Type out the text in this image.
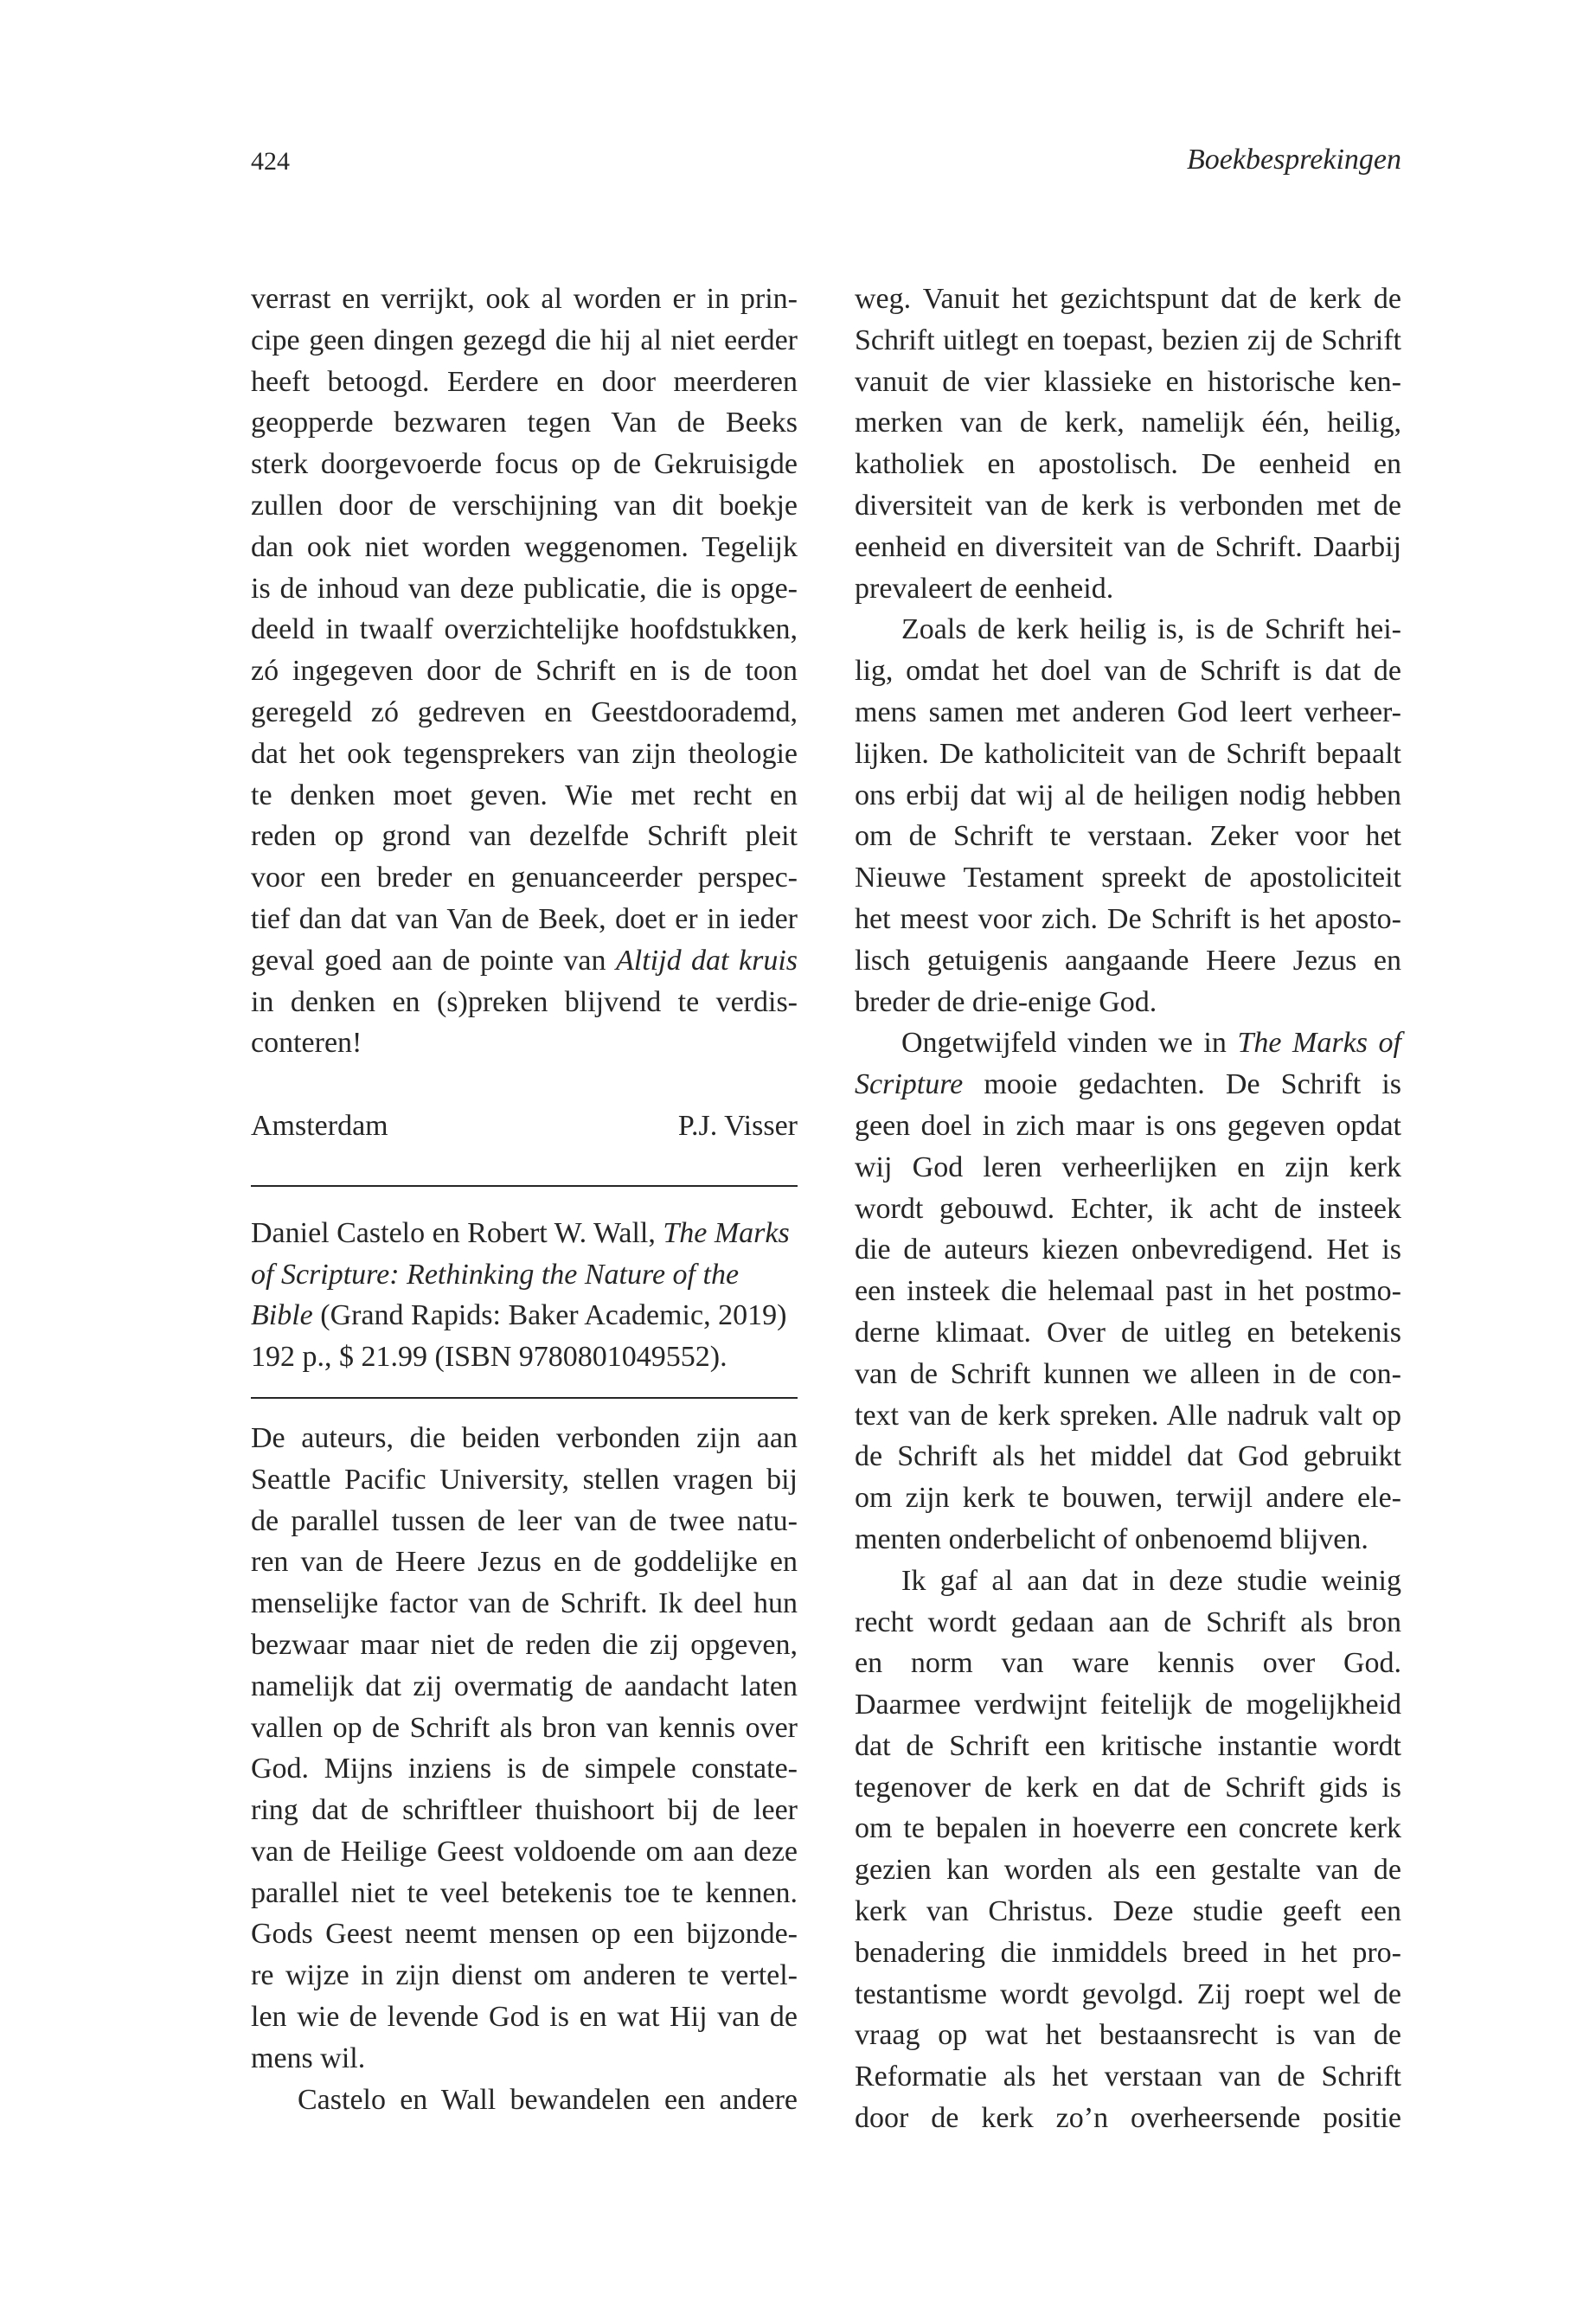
424	Boekbesprekingen
verrast en verrijkt, ook al worden er in prin-
cipe geen dingen gezegd die hij al niet eerder
heeft betoogd. Eerdere en door meerderen
geopperde bezwaren tegen Van de Beeks
sterk doorgevoerde focus op de Gekruisigde
zullen door de verschijning van dit boekje
dan ook niet worden weggenomen. Tegelijk
is de inhoud van deze publicatie, die is opge-
deeld in twaalf overzichtelijke hoofdstukken,
zó ingegeven door de Schrift en is de toon
geregeld zó gedreven en Geestdoorademd,
dat het ook tegensprekers van zijn theologie
te denken moet geven. Wie met recht en
reden op grond van dezelfde Schrift pleit
voor een breder en genuanceerder perspec-
tief dan dat van Van de Beek, doet er in ieder
geval goed aan de pointe van Altijd dat kruis
in denken en (s)preken blijvend te verdis-
conteren!
Amsterdam	P.J. Visser
Daniel Castelo en Robert W. Wall, The Marks
of Scripture: Rethinking the Nature of the
Bible (Grand Rapids: Baker Academic, 2019)
192 p., $ 21.99 (ISBN 9780801049552).
De auteurs, die beiden verbonden zijn aan
Seattle Pacific University, stellen vragen bij
de parallel tussen de leer van de twee natu-
ren van de Heere Jezus en de goddelijke en
menselijke factor van de Schrift. Ik deel hun
bezwaar maar niet de reden die zij opgeven,
namelijk dat zij overmatig de aandacht laten
vallen op de Schrift als bron van kennis over
God. Mijns inziens is de simpele constate-
ring dat de schriftleer thuishoort bij de leer
van de Heilige Geest voldoende om aan deze
parallel niet te veel betekenis toe te kennen.
Gods Geest neemt mensen op een bijzonde-
re wijze in zijn dienst om anderen te vertel-
len wie de levende God is en wat Hij van de
mens wil.
Castelo en Wall bewandelen een andere
weg. Vanuit het gezichtspunt dat de kerk de
Schrift uitlegt en toepast, bezien zij de Schrift
vanuit de vier klassieke en historische ken-
merken van de kerk, namelijk één, heilig,
katholiek en apostolisch. De eenheid en
diversiteit van de kerk is verbonden met de
eenheid en diversiteit van de Schrift. Daarbij
prevaleert de eenheid.
Zoals de kerk heilig is, is de Schrift hei-
lig, omdat het doel van de Schrift is dat de
mens samen met anderen God leert verheer-
lijken. De katholiciteit van de Schrift bepaalt
ons erbij dat wij al de heiligen nodig hebben
om de Schrift te verstaan. Zeker voor het
Nieuwe Testament spreekt de apostoliciteit
het meest voor zich. De Schrift is het aposto-
lisch getuigenis aangaande Heere Jezus en
breder de drie-enige God.
Ongetwijfeld vinden we in The Marks of
Scripture mooie gedachten. De Schrift is
geen doel in zich maar is ons gegeven opdat
wij God leren verheerlijken en zijn kerk
wordt gebouwd. Echter, ik acht de insteek
die de auteurs kiezen onbevredigend. Het is
een insteek die helemaal past in het postmo-
derne klimaat. Over de uitleg en betekenis
van de Schrift kunnen we alleen in de con-
text van de kerk spreken. Alle nadruk valt op
de Schrift als het middel dat God gebruikt
om zijn kerk te bouwen, terwijl andere ele-
menten onderbelicht of onbenoemd blijven.
Ik gaf al aan dat in deze studie weinig
recht wordt gedaan aan de Schrift als bron
en norm van ware kennis over God.
Daarmee verdwijnt feitelijk de mogelijkheid
dat de Schrift een kritische instantie wordt
tegenover de kerk en dat de Schrift gids is
om te bepalen in hoeverre een concrete kerk
gezien kan worden als een gestalte van de
kerk van Christus. Deze studie geeft een
benadering die inmiddels breed in het pro-
testantisme wordt gevolgd. Zij roept wel de
vraag op wat het bestaansrecht is van de
Reformatie als het verstaan van de Schrift
door de kerk zo’n overheersende positie
